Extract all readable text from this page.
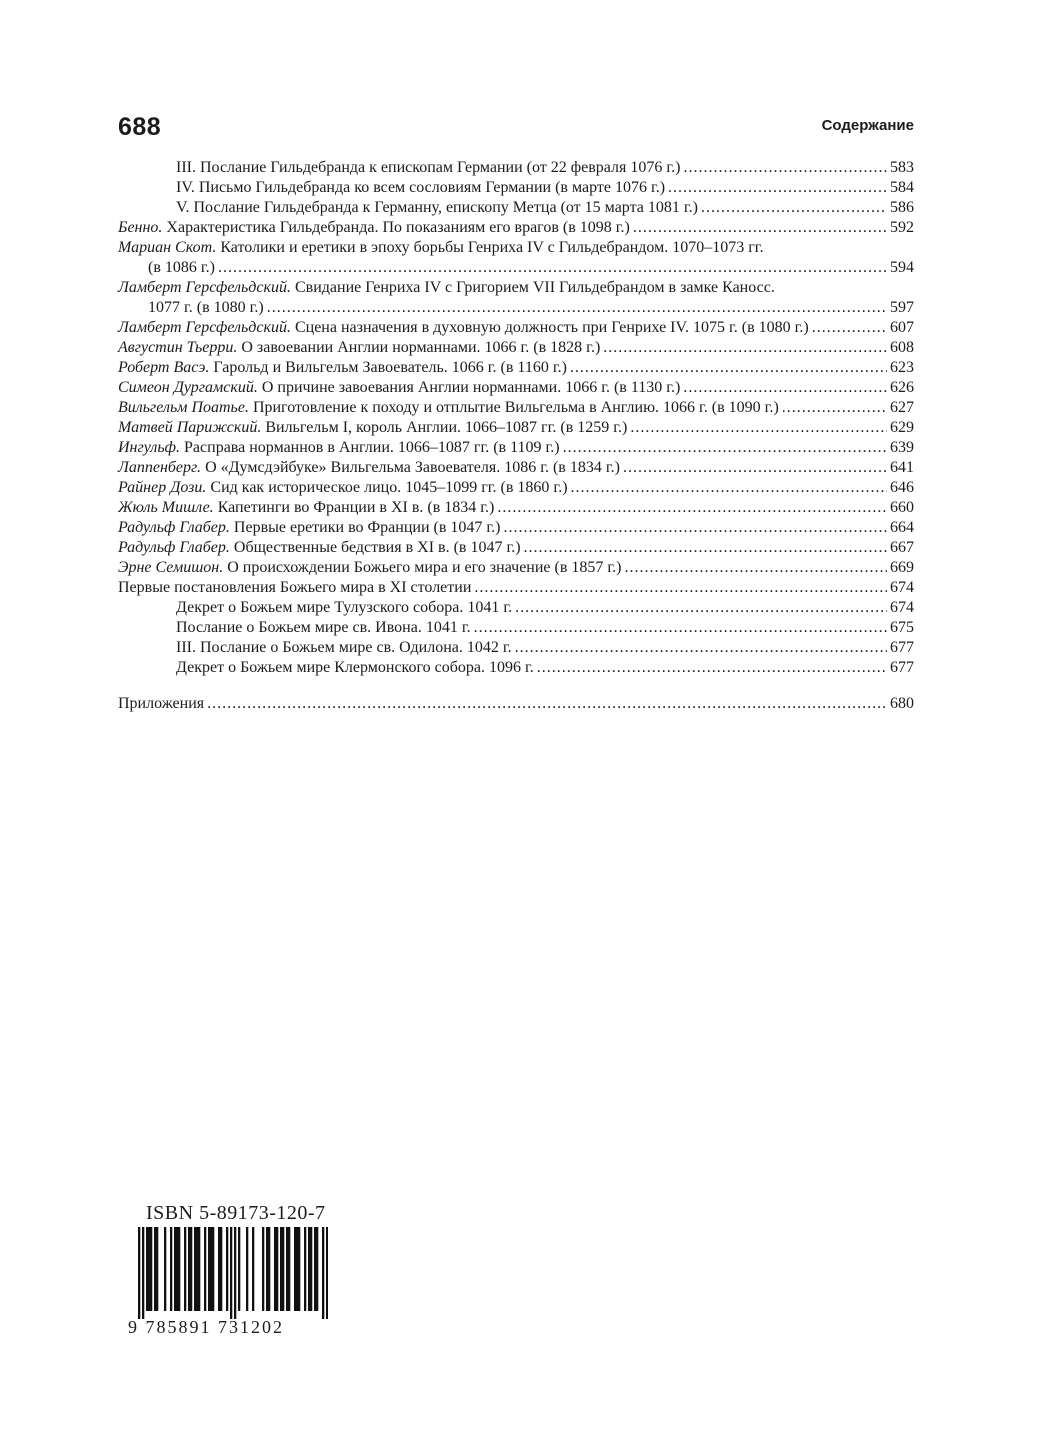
688	Содержание
III. Послание Гильдебранда к епископам Германии (от 22 февраля 1076 г.) .....	583
IV. Письмо Гильдебранда ко всем сословиям Германии (в марте 1076 г.) .....	584
V. Послание Гильдебранда к Германну, епископу Метца (от 15 марта 1081 г.) .....	586
Бенно. Характеристика Гильдебранда. По показаниям его врагов (в 1098 г.) .....	592
Мариан Скот. Католики и еретики в эпоху борьбы Генриха IV с Гильдебрандом. 1070–1073 гг.
(в 1086 г.) .....	594
Ламберт Герсфельдский. Свидание Генриха IV с Григорием VII Гильдебрандом в замке Каносс.
1077 г. (в 1080 г.) .....	597
Ламберт Герсфельдский. Сцена назначения в духовную должность при Генрихе IV. 1075 г. (в 1080 г.) .....	607
Августин Тьерри. О завоевании Англии норманнами. 1066 г. (в 1828 г.) .....	608
Роберт Васэ. Гарольд и Вильгельм Завоеватель. 1066 г. (в 1160 г.) .....	623
Симеон Дургамский. О причине завоевания Англии норманнами. 1066 г. (в 1130 г.) .....	626
Вильгельм Поатье. Приготовление к походу и отплытие Вильгельма в Англию. 1066 г. (в 1090 г.) .....	627
Матвей Парижский. Вильгельм I, король Англии. 1066–1087 гг. (в 1259 г.) .....	629
Ингульф. Расправа норманнов в Англии. 1066–1087 гг. (в 1109 г.) .....	639
Лаппенберг. О «Думсдэйбуке» Вильгельма Завоевателя. 1086 г. (в 1834 г.) .....	641
Райнер Дози. Сид как историческое лицо. 1045–1099 гг. (в 1860 г.) .....	646
Жюль Мишле. Капетинги во Франции в XI в. (в 1834 г.) .....	660
Радульф Глабер. Первые еретики во Франции (в 1047 г.) .....	664
Радульф Глабер. Общественные бедствия в XI в. (в 1047 г.) .....	667
Эрне Семишон. О происхождении Божьего мира и его значение (в 1857 г.) .....	669
Первые постановления Божьего мира в XI столетии .....	674
Декрет о Божьем мире Тулузского собора. 1041 г. .....	674
Послание о Божьем мире св. Ивона. 1041 г. .....	675
III. Послание о Божьем мире св. Одилона. 1042 г. .....	677
Декрет о Божьем мире Клермонского собора. 1096 г. .....	677
Приложения .....	680
ISBN 5-89173-120-7
9 785891 731202
